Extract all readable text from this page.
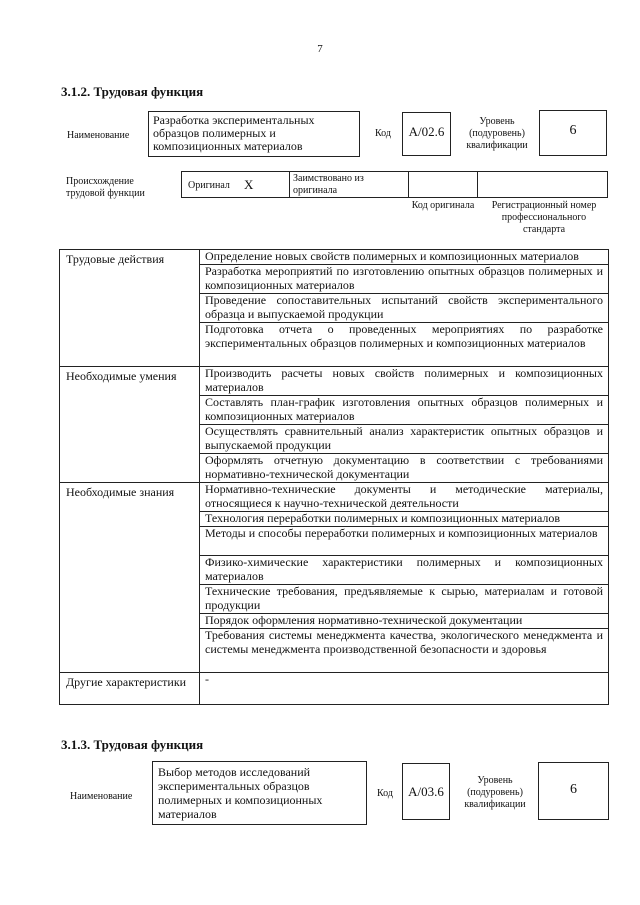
7
3.1.2. Трудовая функция
Наименование
Разработка экспериментальных образцов полимерных и композиционных материалов
Код	А/02.6
Уровень (подуровень) квалификации
6
Происхождение трудовой функции
Оригинал X	Заимствовано из оригинала
Код оригинала	Регистрационный номер профессионального стандарта
Трудовые действия	Определение новых свойств полимерных и композиционных материалов
	Разработка мероприятий по изготовлению опытных образцов полимерных и композиционных материалов
	Проведение сопоставительных испытаний свойств экспериментального образца и выпускаемой продукции
	Подготовка отчета о проведенных мероприятиях по разработке экспериментальных образцов полимерных и композиционных материалов
Необходимые умения	Производить расчеты новых свойств полимерных и композиционных материалов
	Составлять план-график изготовления опытных образцов полимерных и композиционных материалов
	Осуществлять сравнительный анализ характеристик опытных образцов и выпускаемой продукции
	Оформлять отчетную документацию в соответствии с требованиями нормативно-технической документации
Необходимые знания	Нормативно-технические документы и методические материалы, относящиеся к научно-технической деятельности
	Технология переработки полимерных и композиционных материалов
	Методы и способы переработки полимерных и композиционных материалов
	Физико-химические характеристики полимерных и композиционных материалов
	Технические требования, предъявляемые к сырью, материалам и готовой продукции
	Порядок оформления нормативно-технической документации
	Требования системы менеджмента качества, экологического менеджмента и системы менеджмента производственной безопасности и здоровья
Другие характеристики	-
3.1.3. Трудовая функция
Наименование
Выбор методов исследований экспериментальных образцов полимерных и композиционных материалов
Код	А/03.6
Уровень (подуровень) квалификации
6
